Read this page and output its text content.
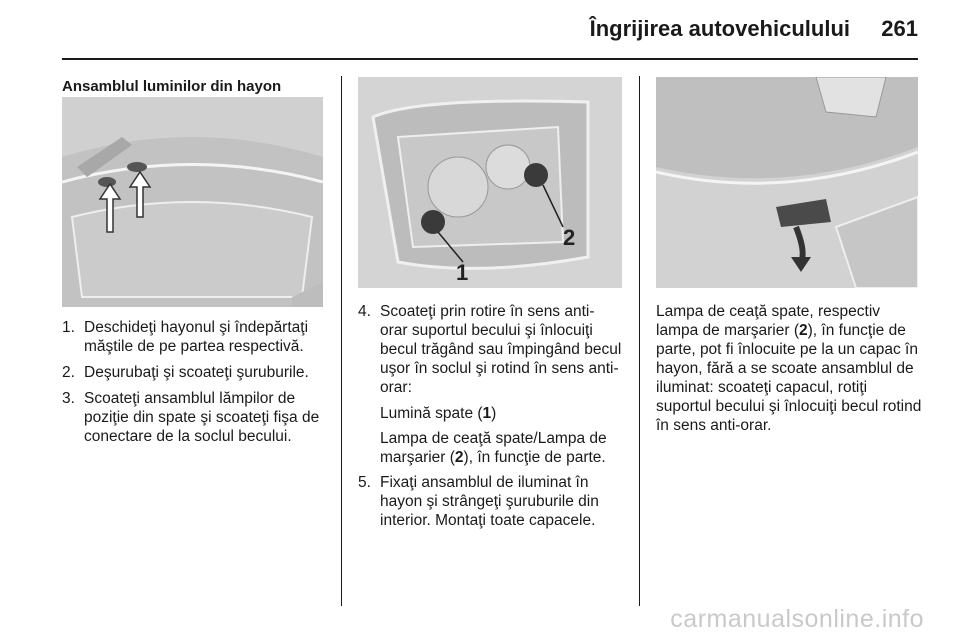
Îngrijirea autovehiculului 261
Ansamblul luminilor din hayon
1
2
1. Deschideţi hayonul şi îndepărtaţi măştile de pe partea respectivă.
2. Deşurubaţi şi scoateţi şuruburile.
3. Scoateţi ansamblul lămpilor de poziţie din spate şi scoateţi fişa de conectare de la soclul becului.
4. Scoateţi prin rotire în sens anti-orar suportul becului şi înlocuiţi becul trăgând sau împingând becul uşor în soclul şi rotind în sens anti-orar:

Lumină spate (1)

Lampa de ceaţă spate/Lampa de marşarier (2), în funcţie de parte.

5. Fixaţi ansamblul de iluminat în hayon şi strângeţi şuruburile din interior. Montaţi toate capacele.

Lampa de ceaţă spate, respectiv lampa de marşarier (2), în funcţie de parte, pot fi înlocuite pe la un capac în hayon, fără a se scoate ansamblul de iluminat: scoateţi capacul, rotiţi suportul becului şi înlocuiţi becul rotind în sens anti-orar.

carmanualsonline.info
